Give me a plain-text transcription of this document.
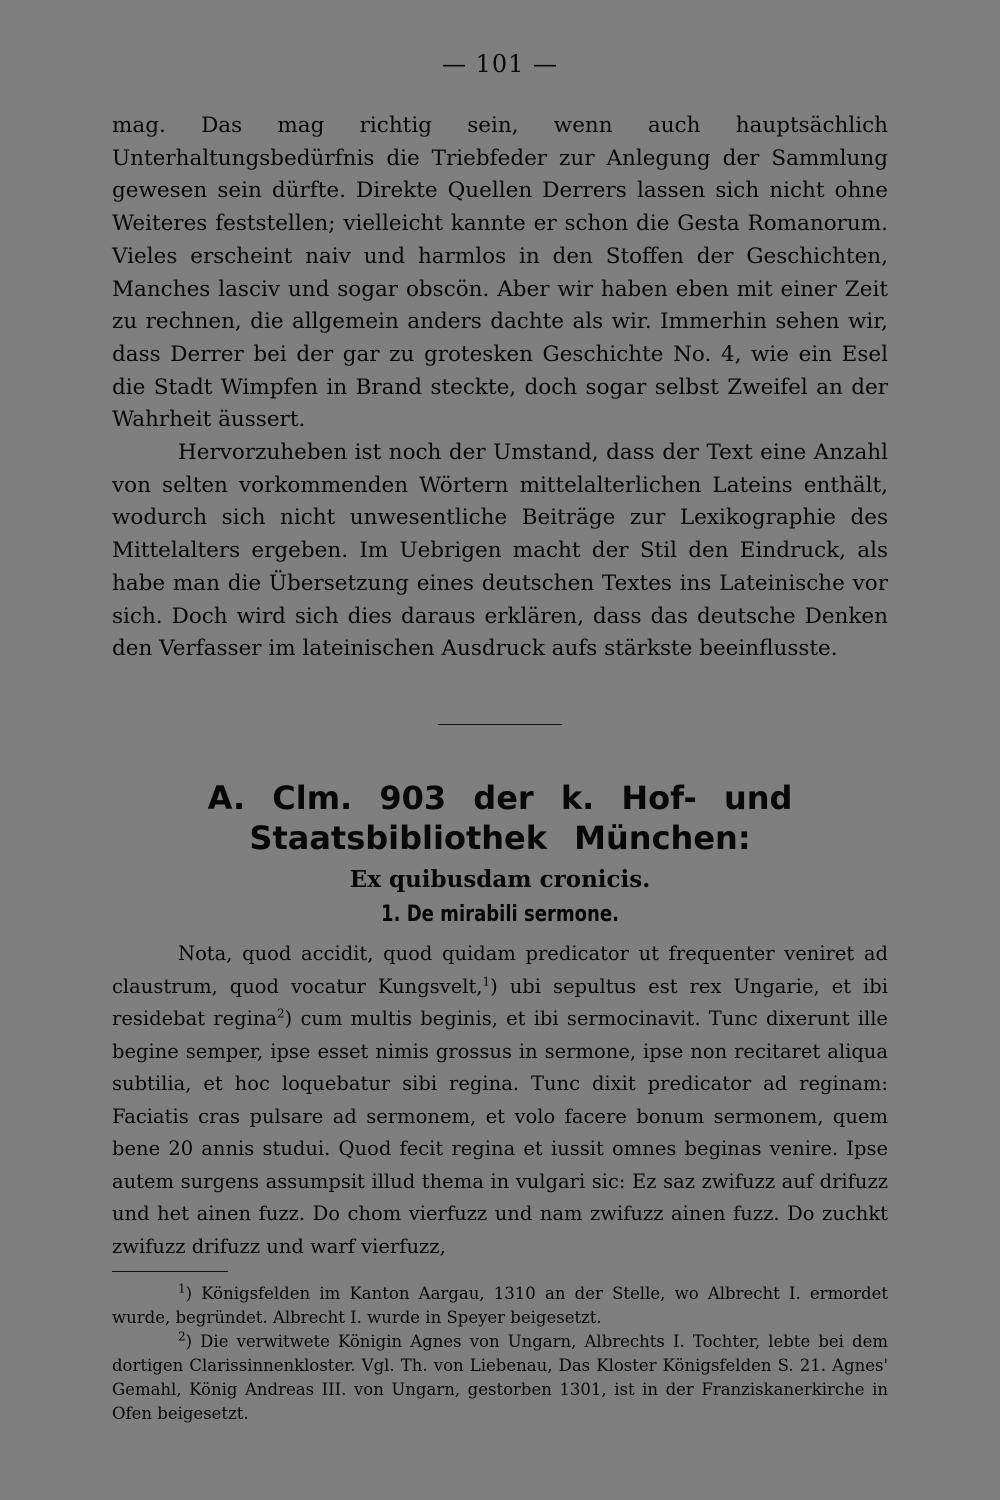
— 101 —

mag. Das mag richtig sein, wenn auch hauptsächlich Unterhaltungsbedürfnis die Triebfeder zur Anlegung der Sammlung gewesen sein dürfte. Direkte Quellen Derrers lassen sich nicht ohne Weiteres feststellen; vielleicht kannte er schon die Gesta Romanorum. Vieles erscheint naiv und harmlos in den Stoffen der Geschichten, Manches lasciv und sogar obscön. Aber wir haben eben mit einer Zeit zu rechnen, die allgemein anders dachte als wir. Immerhin sehen wir, dass Derrer bei der gar zu grotesken Geschichte No. 4, wie ein Esel die Stadt Wimpfen in Brand steckte, doch sogar selbst Zweifel an der Wahrheit äussert.

Hervorzuheben ist noch der Umstand, dass der Text eine Anzahl von selten vorkommenden Wörtern mittelalterlichen Lateins enthält, wodurch sich nicht unwesentliche Beiträge zur Lexikographie des Mittelalters ergeben. Im Uebrigen macht der Stil den Eindruck, als habe man die Übersetzung eines deutschen Textes ins Lateinische vor sich. Doch wird sich dies daraus erklären, dass das deutsche Denken den Verfasser im lateinischen Ausdruck aufs stärkste beeinflusste.

A. Clm. 903 der k. Hof- und Staatsbibliothek München:
Ex quibusdam cronicis.
1. De mirabili sermone.

Nota, quod accidit, quod quidam predicator ut frequenter veniret ad claustrum, quod vocatur Kungsvelt,$^1$) ubi sepultus est rex Ungarie, et ibi residebat regina$^2$) cum multis beginis, et ibi sermocinavit. Tunc dixerunt ille begine semper, ipse esset nimis grossus in sermone, ipse non recitaret aliqua subtilia, et hoc loquebatur sibi regina. Tunc dixit predicator ad reginam: Faciatis cras pulsare ad sermonem, et volo facere bonum sermonem, quem bene 20 annis studui. Quod fecit regina et iussit omnes beginas venire. Ipse autem surgens assumpsit illud thema in vulgari sic: Ez saz zwifuzz auf drifuzz und het ainen fuzz. Do chom vierfuzz und nam zwifuzz ainen fuzz. Do zuchkt zwifuzz drifuzz und warf vierfuzz,

$^1$) Königsfelden im Kanton Aargau, 1310 an der Stelle, wo Albrecht I. ermordet wurde, begründet. Albrecht I. wurde in Speyer beigesetzt.

$^2$) Die verwitwete Königin Agnes von Ungarn, Albrechts I. Tochter, lebte bei dem dortigen Clarissinnenkloster. Vgl. Th. von Liebenau, Das Kloster Königsfelden S. 21. Agnes' Gemahl, König Andreas III. von Ungarn, gestorben 1301, ist in der Franziskanerkirche in Ofen beigesetzt.
